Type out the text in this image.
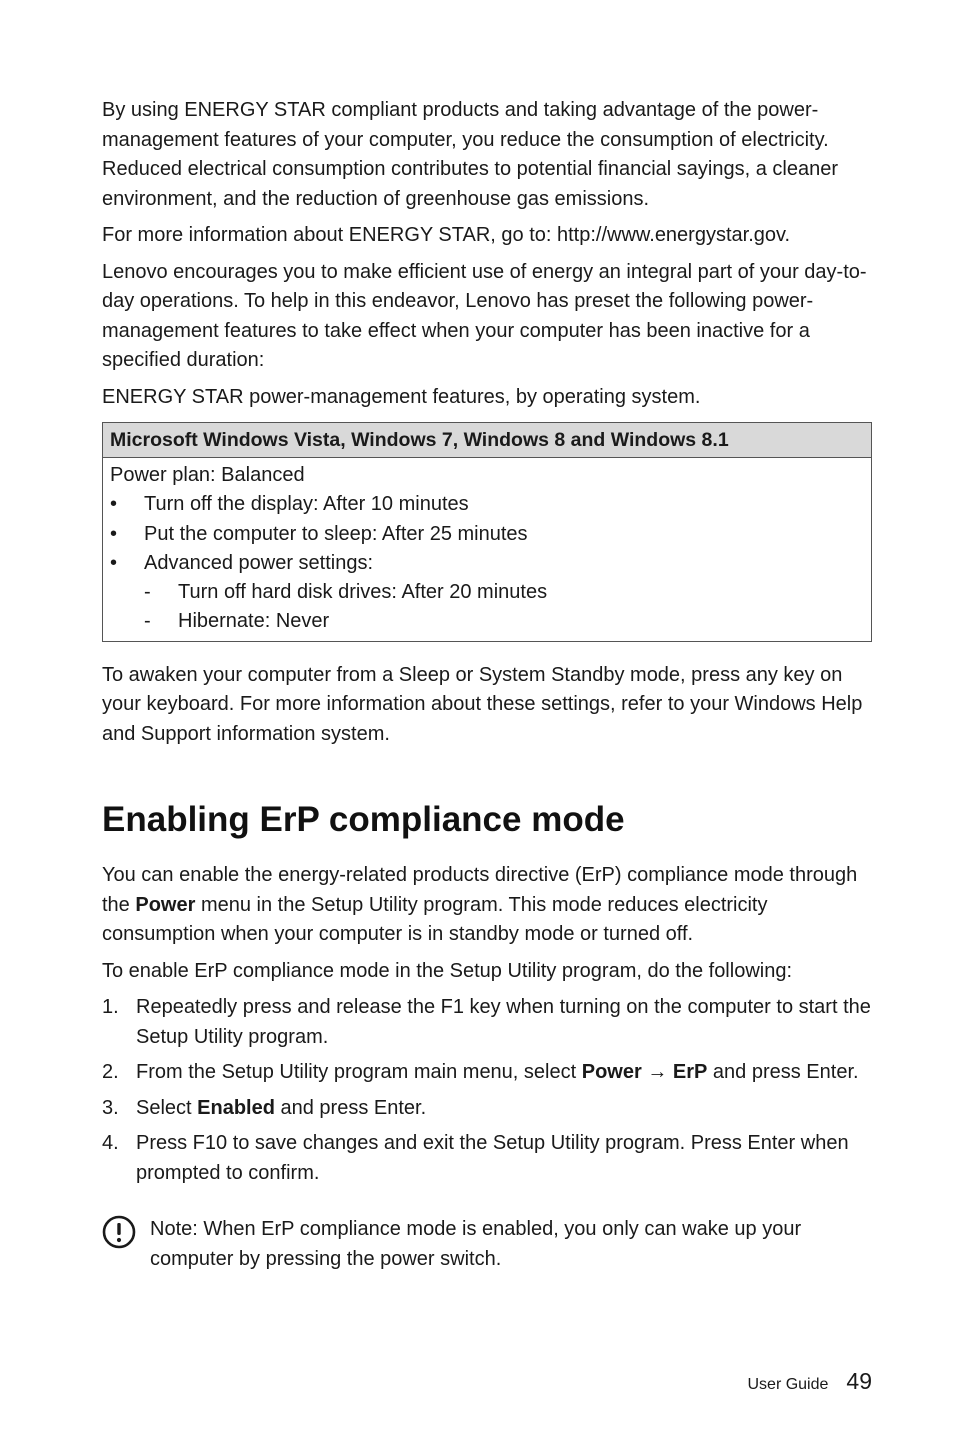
By using ENERGY STAR compliant products and taking advantage of the power-management features of your computer, you reduce the consumption of electricity. Reduced electrical consumption contributes to potential financial sayings, a cleaner environment, and the reduction of greenhouse gas emissions.

For more information about ENERGY STAR, go to: http://www.energystar.gov.

Lenovo encourages you to make efficient use of energy an integral part of your day-to-day operations. To help in this endeavor, Lenovo has preset the following power-management features to take effect when your computer has been inactive for a specified duration:

ENERGY STAR power-management features, by operating system.

Microsoft Windows Vista, Windows 7, Windows 8 and Windows 8.1

Power plan: Balanced
•	Turn off the display: After 10 minutes
•	Put the computer to sleep: After 25 minutes
•	Advanced power settings:
-	Turn off hard disk drives: After 20 minutes
-	Hibernate: Never

To awaken your computer from a Sleep or System Standby mode, press any key on your keyboard. For more information about these settings, refer to your Windows Help and Support information system.

Enabling ErP compliance mode

You can enable the energy-related products directive (ErP) compliance mode through the Power menu in the Setup Utility program. This mode reduces electricity consumption when your computer is in standby mode or turned off.

To enable ErP compliance mode in the Setup Utility program, do the following:

1. Repeatedly press and release the F1 key when turning on the computer to start the Setup Utility program.
2. From the Setup Utility program main menu, select Power → ErP and press Enter.
3. Select Enabled and press Enter.
4. Press F10 to save changes and exit the Setup Utility program. Press Enter when prompted to confirm.
Note: When ErP compliance mode is enabled, you only can wake up your computer by pressing the power switch.
User Guide 49
